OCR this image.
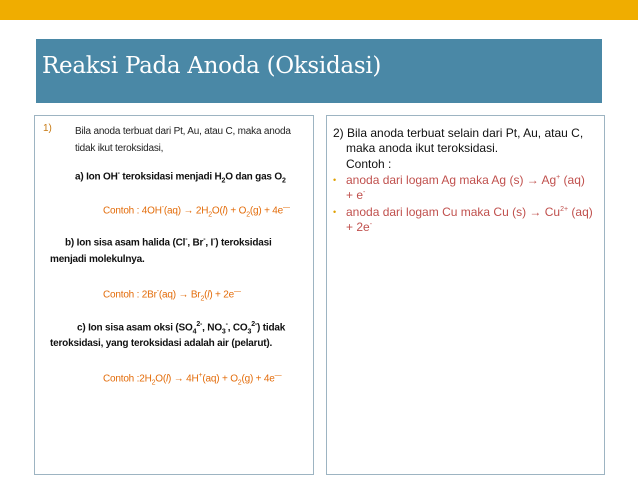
Reaksi Pada Anoda (Oksidasi)
1) Bila anoda terbuat dari Pt, Au, atau C, maka anoda
tidak ikut teroksidasi,
a) Ion OH- teroksidasi menjadi $H_2O$ dan gas $O_2$
Contoh : $4OH^-(aq) \to 2H_2O(l) + O_2(g) + 4e^—$
b) Ion sisa asam halida (Cl-, Br-, I-) teroksidasi
menjadi molekulnya.
Contoh : $2Br^-(aq) \to Br_2(l) + 2e^—$
c) Ion sisa asam oksi ($SO_4^{2-}$, $NO_3^-$, $CO_3^{2-}$) tidak
teroksidasi, yang teroksidasi adalah air (pelarut).
Contoh $:2H_2O(l) \to 4H^+(aq) + O_2(g) + 4e^—$
2) Bila anoda terbuat selain dari Pt, Au, atau C,
maka anoda ikut teroksidasi.
Contoh :
• anoda dari logam Ag maka Ag (s) → Ag+ (aq)
+ e-
• anoda dari logam Cu maka Cu $(s) \to Cu^{2+}$ (aq)
+ 2e-
